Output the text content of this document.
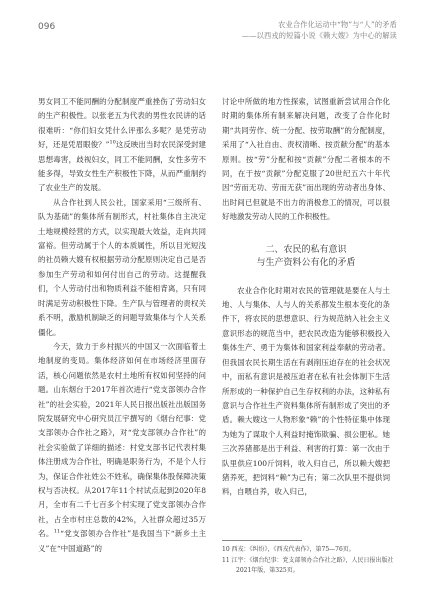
096	农业合作化运动中“物”与“人”的矛盾
——以西戎的短篇小说《赖大嫂》为中心的解读

男女同工不能同酬的分配制度严重挫伤了劳动妇女的生产积极性。以张老五为代表的男性农民讲的话很难听：“你们妇女凭什么评那么多呢？是凭劳动好，还是凭眉眼俊？”$^{10}$这反映出当时农民深受封建思想毒害，歧视妇女，同工不能同酬，女性多劳不能多得，导致女性生产积极性下降，从而严重制约了农业生产的发展。

从合作社到人民公社，国家采用“三级所有、队为基础”的集体所有制形式，村社集体自主决定土地规模经营的方式，以实现最大效益，走向共同富裕。但劳动属于个人的本质属性，所以目光短浅的社员赖大嫂有权根据劳动分配原则决定自己是否参加生产劳动和如何付出自己的劳动。这提醒我们，个人劳动付出和物质利益不能相背离，只有同时满足劳动积极性下降。生产队与管理者的责权关系不明，激励机制缺乏的问题导致集体与个人关系僵化。

今天，致力于乡村振兴的中国又一次面临着土地制度的变局。集体经济如何在市场经济里面存活，核心问题依然是农村土地所有权如何坚持的问题。山东烟台于2017年首次进行“党支部领办合作社”的社会实验，2021年人民日报出版社出版国务院发展研究中心研究员江宇撰写的《烟台纪事：党支部领办合作社之路》，对“党支部领办合作社”的社会实验做了详细的描述：村党支部书记代表村集体注册成为合作社，明确是职务行为，不是个人行为，保证合作社姓公不姓私，确保集体股保障决策权与否决权。从2017年11个村试点起到2020年8月，全市有二千七百多个村实现了党支部领办合作社，占全市村庄总数的42%，入社群众超过35万名。$^{11}$“党支部领办合作社”是我国当下“新乡土主义”在“中国道路”的

讨论中所做的地方性探索，试图重新尝试用合作化时期的集体所有制来解决问题，改变了合作化时期“共同劳作、统一分配、按劳取酬”的分配制度，采用了“入社自由、责权清晰、按贡献分配”的基本原则。按“劳”分配和按“贡献”分配二者根本的不同，在于按“贡献”分配克服了20世纪五六十年代因“劳而无功、劳而无获”而出现的劳动者出身体、出时间已但就是不出力的消极怠工的情况，可以很好地激发劳动人民的工作积极性。

二、农民的私有意识
与生产资料公有化的矛盾

农业合作化时期对农民的管理就是要在人与土地、人与集体、人与人的关系都发生根本变化的条件下，将农民的思想意识、行为规范纳入社会主义意识形态的规范当中，把农民改造为能够积极投入集体生产、勇于为集体和国家利益奉献的劳动者。但我国农民长期生活在有剥削压迫存在的社会状况中，而私有意识是被压迫者在私有社会体制下生活所形成的一种保护自己生存权利的办法，这种私有意识与合作社生产资料集体所有制形成了突出的矛盾。赖大嫂这一人物形象“赖”的个性特征集中体现为她为了谋取个人利益时掩饰欺骗、损公肥私。她三次养猪都是出于利益、利害的打算：第一次由于队里供应100斤饲料，收入归自己，所以赖大嫂把猪养死，把饲料“赖”为己有；第二次队里不提供饲料，自喂自养，收入归己，

10 西戎：《纠纷》，《西戎代表作》，第75—76页。
11 江宇：《烟台纪事：党支部领办合作社之路》，人民日报出版社2021年版，第325页。
